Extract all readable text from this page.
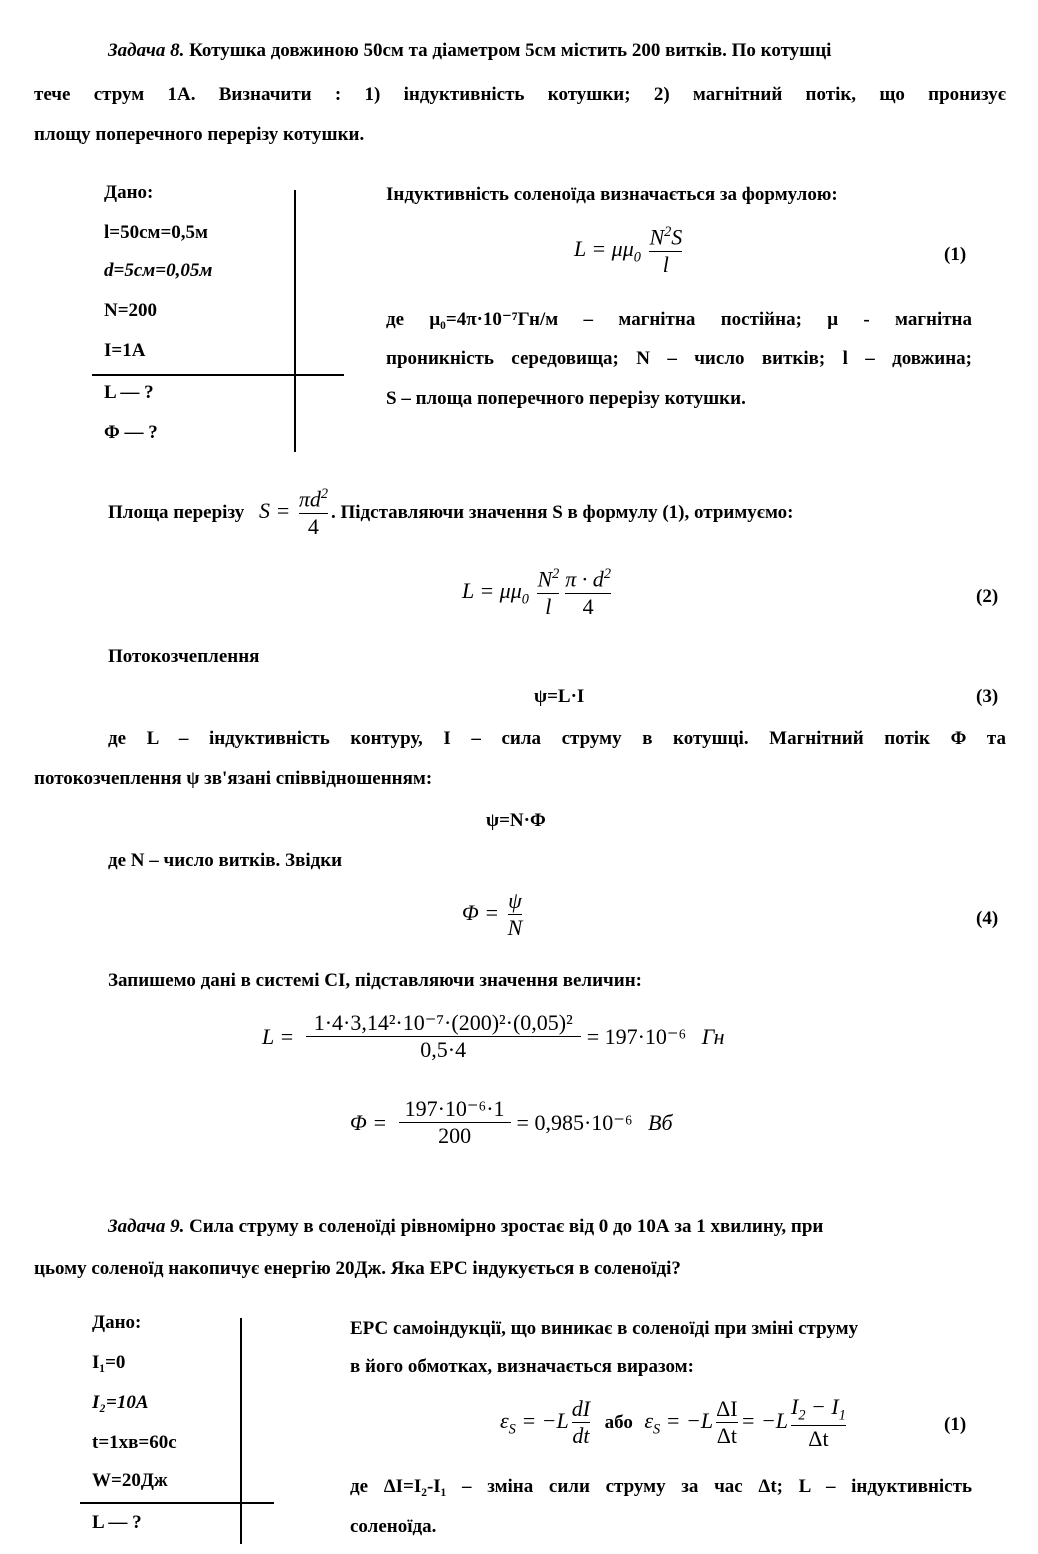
Задача 8. Котушка довжиною 50см та діаметром 5см містить 200 витків. По котушці
тече струм 1А. Визначити : 1) індуктивність котушки; 2) магнітний потік, що пронизує
площу поперечного перерізу котушки.
Дано:
l=50см=0,5м
d=5см=0,05м
N=200
I=1A
L — ?
Φ — ?
Індуктивність соленоїда визначається за формулою:
$L = \mu\mu_0 \frac{N^2S}{l}$	(1)
де μ₀=4π·10⁻⁷Гн/м – магнітна постійна; μ - магнітна
проникність середовища; N – число витків; l – довжина;
S – площа поперечного перерізу котушки.
Площа перерізу $S = \frac{\pi d^2}{4}$ . Підставляючи значення S в формулу (1), отримуємо:
$L = \mu\mu_0 \frac{N^2}{l} \frac{\pi \cdot d^2}{4}$	(2)
Потокозчеплення
ψ=L·I	(3)
де L – індуктивність контуру, I – сила струму в котушці. Магнітний потік Φ та
потокозчеплення ψ зв'язані співвідношенням:
ψ=N·Φ
де N – число витків. Звідки
$\Phi = \frac{\psi}{N}$	(4)
Запишемо дані в системі СІ, підставляючи значення величин:
$L = \frac{\text{1·4·3,14²·10⁻⁷·(200)²·(0,05)²}}{0,5\cdot 4} = 197\cdot 10^{-6}$ Гн
$\Phi = \frac{\text{197·10⁻⁶·1}}{200} = 0,985\cdot 10^{-6}$ Вб
Задача 9. Сила струму в соленоїді рівномірно зростає від 0 до 10А за 1 хвилину, при
цьому соленоїд накопичує енергію 20Дж. Яка ЕРС індукується в соленоїді?
Дано:
I₁=0
I₂=10A
t=1хв=60с
W=20Дж
L — ?
ЕРС самоіндукції, що виникає в соленоїді при зміні струму
в його обмотках, визначається виразом:
$\varepsilon_S = -L \frac{dI}{dt}$ або $\varepsilon_S = -L \frac{\Delta I}{\Delta t} = -L \frac{I_2 - I_1}{\Delta t}$	(1)
де ΔI=I₂-I₁ – зміна сили струму за час Δt; L – індуктивність
соленоїда.
